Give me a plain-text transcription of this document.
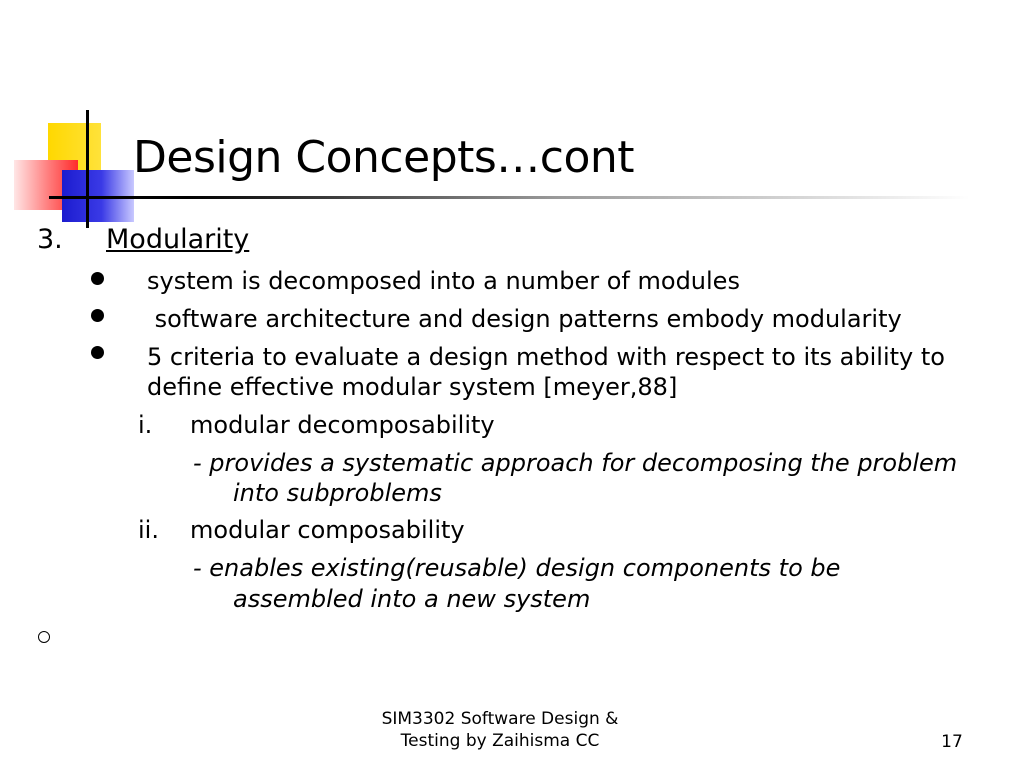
Design Concepts…cont
3. Modularity
system is decomposed into a number of modules
software architecture and design patterns embody modularity
5 criteria to evaluate a design method with respect to its ability to
define effective modular system [meyer,88]
i. modular decomposability
- provides a systematic approach for decomposing the problem
into subproblems
ii. modular composability
- enables existing(reusable) design components to be
assembled into a new system
SIM3302 Software Design &
Testing by Zaihisma CC	17
